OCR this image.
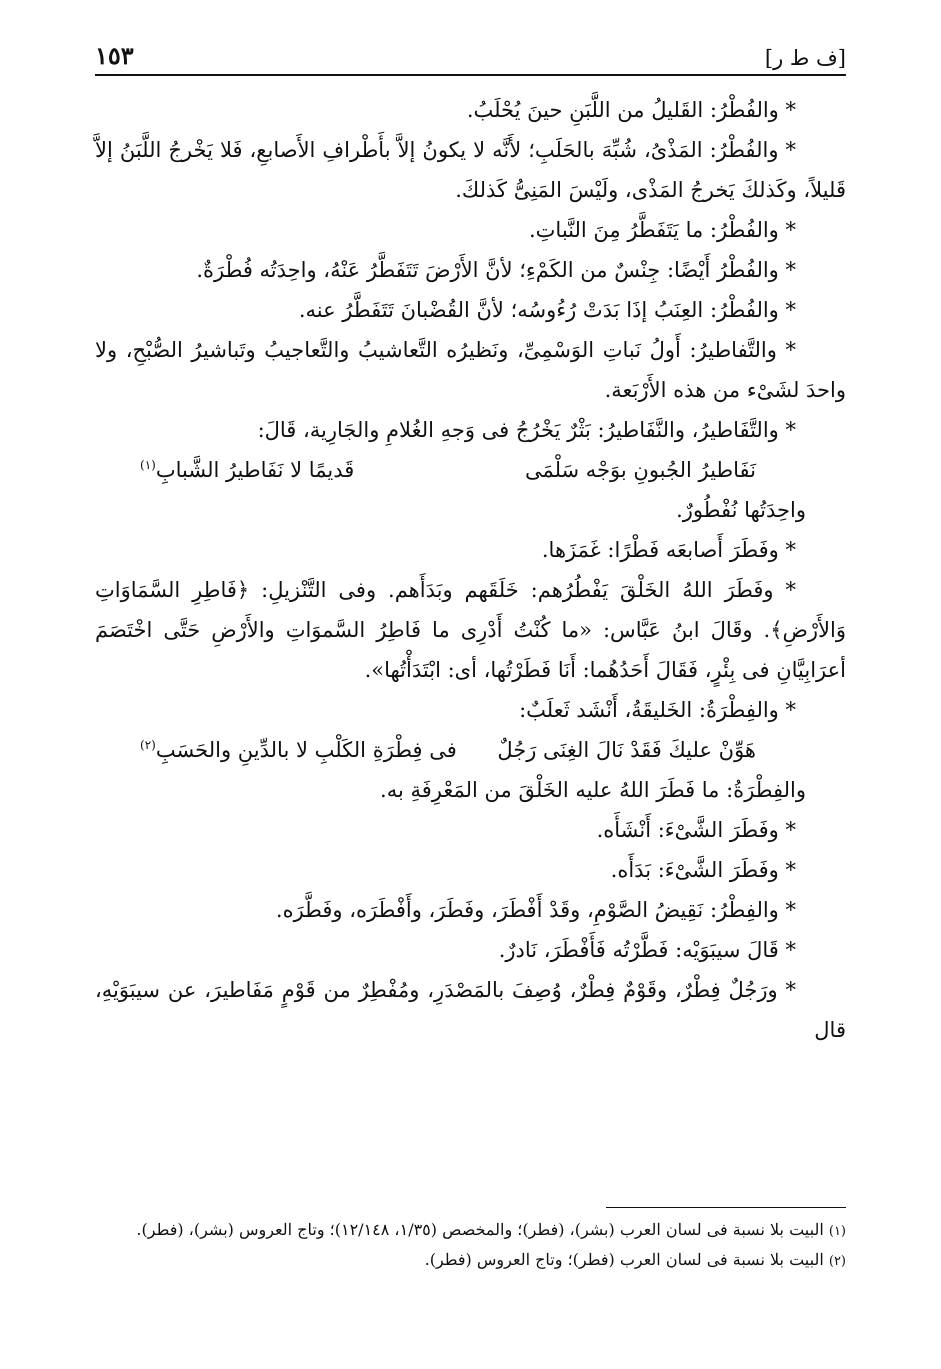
[ف ط ر]
١٥٣

* والفُطْرُ: القَليلُ من اللَّبَنِ حينَ يُحْلَبُ.

* والفُطْرُ: المَذْىُ، شُبِّهَ بالحَلَبِ؛ لأَنَّه لا يكونُ إلاَّ بأَطْرافِ الأَصابعِ، فَلا يَخْرجُ اللَّبَنُ إلاَّ قَليلاً، وكَذلكَ يَخرجُ المَذْى، ولَيْسَ المَنِىُّ كَذلكَ.

* والفُطْرُ: ما يَتَفَطَّرُ مِنَ النَّباتِ.

* والفُطْرُ أَيْضًا: جِنْسٌ من الكَمْءِ؛ لأنَّ الأَرْضَ تَتَفَطَّرُ عَنْهُ، واحِدَتُه فُطْرَةٌ.

* والفُطْرُ: العِنَبُ إذَا بَدَتْ رُءُوسُه؛ لأنَّ القُضْبانَ تَتَفَطَّرُ عنه.

* والتَّفاطيرُ: أَولُ نَباتِ الوَسْمِىِّ، ونَظيرُه التَّعاشيبُ والتَّعاجيبُ وتَباشيرُ الصُّبْحِ، ولا واحدَ لشَىْء من هذه الأَرْبَعة.

* والتَّفَاطيرُ، والنَّفَاطيرُ: بَثْرٌ يَخْرُجُ فى وَجهِ الغُلامِ والجَارِية، قَالَ:

نَفَاطيرُ الجُبونِ بوَجْه سَلْمَى
قَديمًا لا نَفَاطيرُ الشَّبابِ$^{(١)}$

واحِدَتُها نُفْطُورٌ.

* وفَطَرَ أَصابعَه فَطْرًا: غَمَزَها.

* وفَطَرَ اللهُ الخَلْقَ يَفْطُرُهم: خَلَقَهم وبَدَأَهم. وفى التَّنْزيلِ: ﴿فَاطِرِ السَّمَاوَاتِ وَالأَرْضِ﴾. وقَالَ ابنُ عَبَّاس: «ما كُنْتُ أَدْرِى ما فَاطِرُ السَّموَاتِ والأَرْضِ حَتَّى اخْتَصَمَ أعرَابِيَّانِ فى بِئْرٍ، فَقَالَ أَحَدُهُما: أَنَا فَطَرْتُها، أى: ابْتَدَأْتُها».

* والفِطْرَةُ: الخَليقَةُ، أَنْشَد ثَعلَبٌ:

هَوِّنْ عليكَ فَقَدْ نَالَ الغِنَى رَجُلٌ
فى فِطْرَةِ الكَلْبِ لا بالدِّينِ والحَسَبِ$^{(٢)}$

والفِطْرَةُ: ما فَطَرَ اللهُ عليه الخَلْقَ من المَعْرِفَةِ به.

* وفَطَرَ الشَّىْءَ: أَنْشَأَه.

* وفَطَرَ الشَّىْءَ: بَدَأَه.

* والفِطْرُ: نَقِيضُ الصَّوْمِ، وقَدْ أَفْطَرَ، وفَطَرَ، وأَفْطَرَه، وفَطَّرَه.

* قَالَ سيبَوَيْه: فَطَّرْتُه فَأَفْطَرَ، نَادرٌ.

* ورَجُلٌ فِطْرٌ، وقَوْمٌ فِطْرٌ، وُصِفَ بالمَصْدَرِ، ومُفْطِرٌ من قَوْمٍ مَفَاطيرَ، عن سيبَوَيْهِ، قال

(١) البيت بلا نسبة فى لسان العرب (بشر)، (فطر)؛ والمخصص (١/٣٥، ١٢/١٤٨)؛ وتاج العروس (بشر)، (فطر).

(٢) البيت بلا نسبة فى لسان العرب (فطر)؛ وتاج العروس (فطر).
